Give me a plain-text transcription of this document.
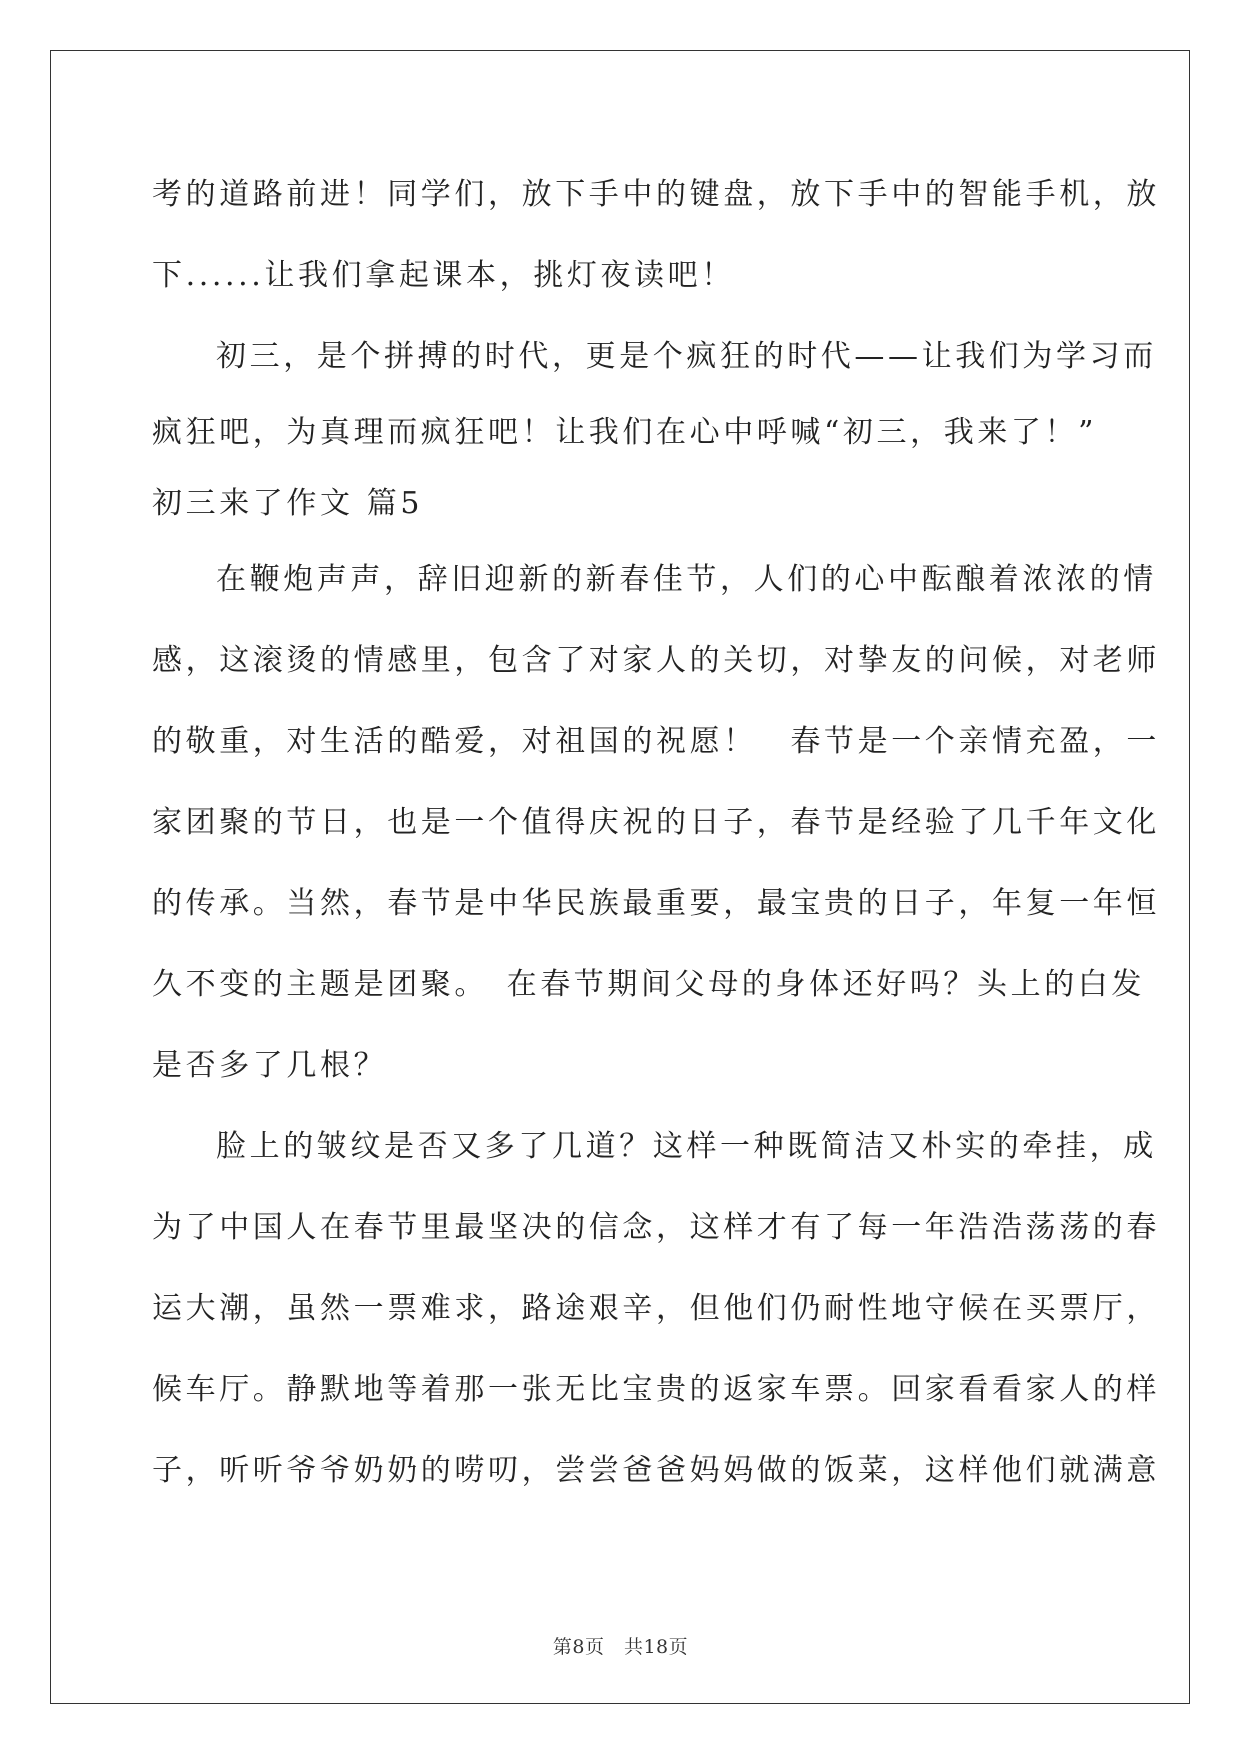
考的道路前进！同学们，放下手中的键盘，放下手中的智能手机，放

下......让我们拿起课本，挑灯夜读吧！

初三，是个拼搏的时代，更是个疯狂的时代——让我们为学习而

疯狂吧，为真理而疯狂吧！让我们在心中呼喊“初三，我来了！”

初三来了作文 篇5

在鞭炮声声，辞旧迎新的新春佳节，人们的心中酝酿着浓浓的情

感，这滚烫的情感里，包含了对家人的关切，对挚友的问候，对老师

的敬重，对生活的酷爱，对祖国的祝愿！　春节是一个亲情充盈，一

家团聚的节日，也是一个值得庆祝的日子，春节是经验了几千年文化

的传承。当然，春节是中华民族最重要，最宝贵的日子，年复一年恒

久不变的主题是团聚。　在春节期间父母的身体还好吗？头上的白发

是否多了几根？

脸上的皱纹是否又多了几道？这样一种既简洁又朴实的牵挂，成

为了中国人在春节里最坚决的信念，这样才有了每一年浩浩荡荡的春

运大潮，虽然一票难求，路途艰辛，但他们仍耐性地守候在买票厅，

候车厅。静默地等着那一张无比宝贵的返家车票。回家看看家人的样

子，听听爷爷奶奶的唠叨，尝尝爸爸妈妈做的饭菜，这样他们就满意

第8页　共18页
